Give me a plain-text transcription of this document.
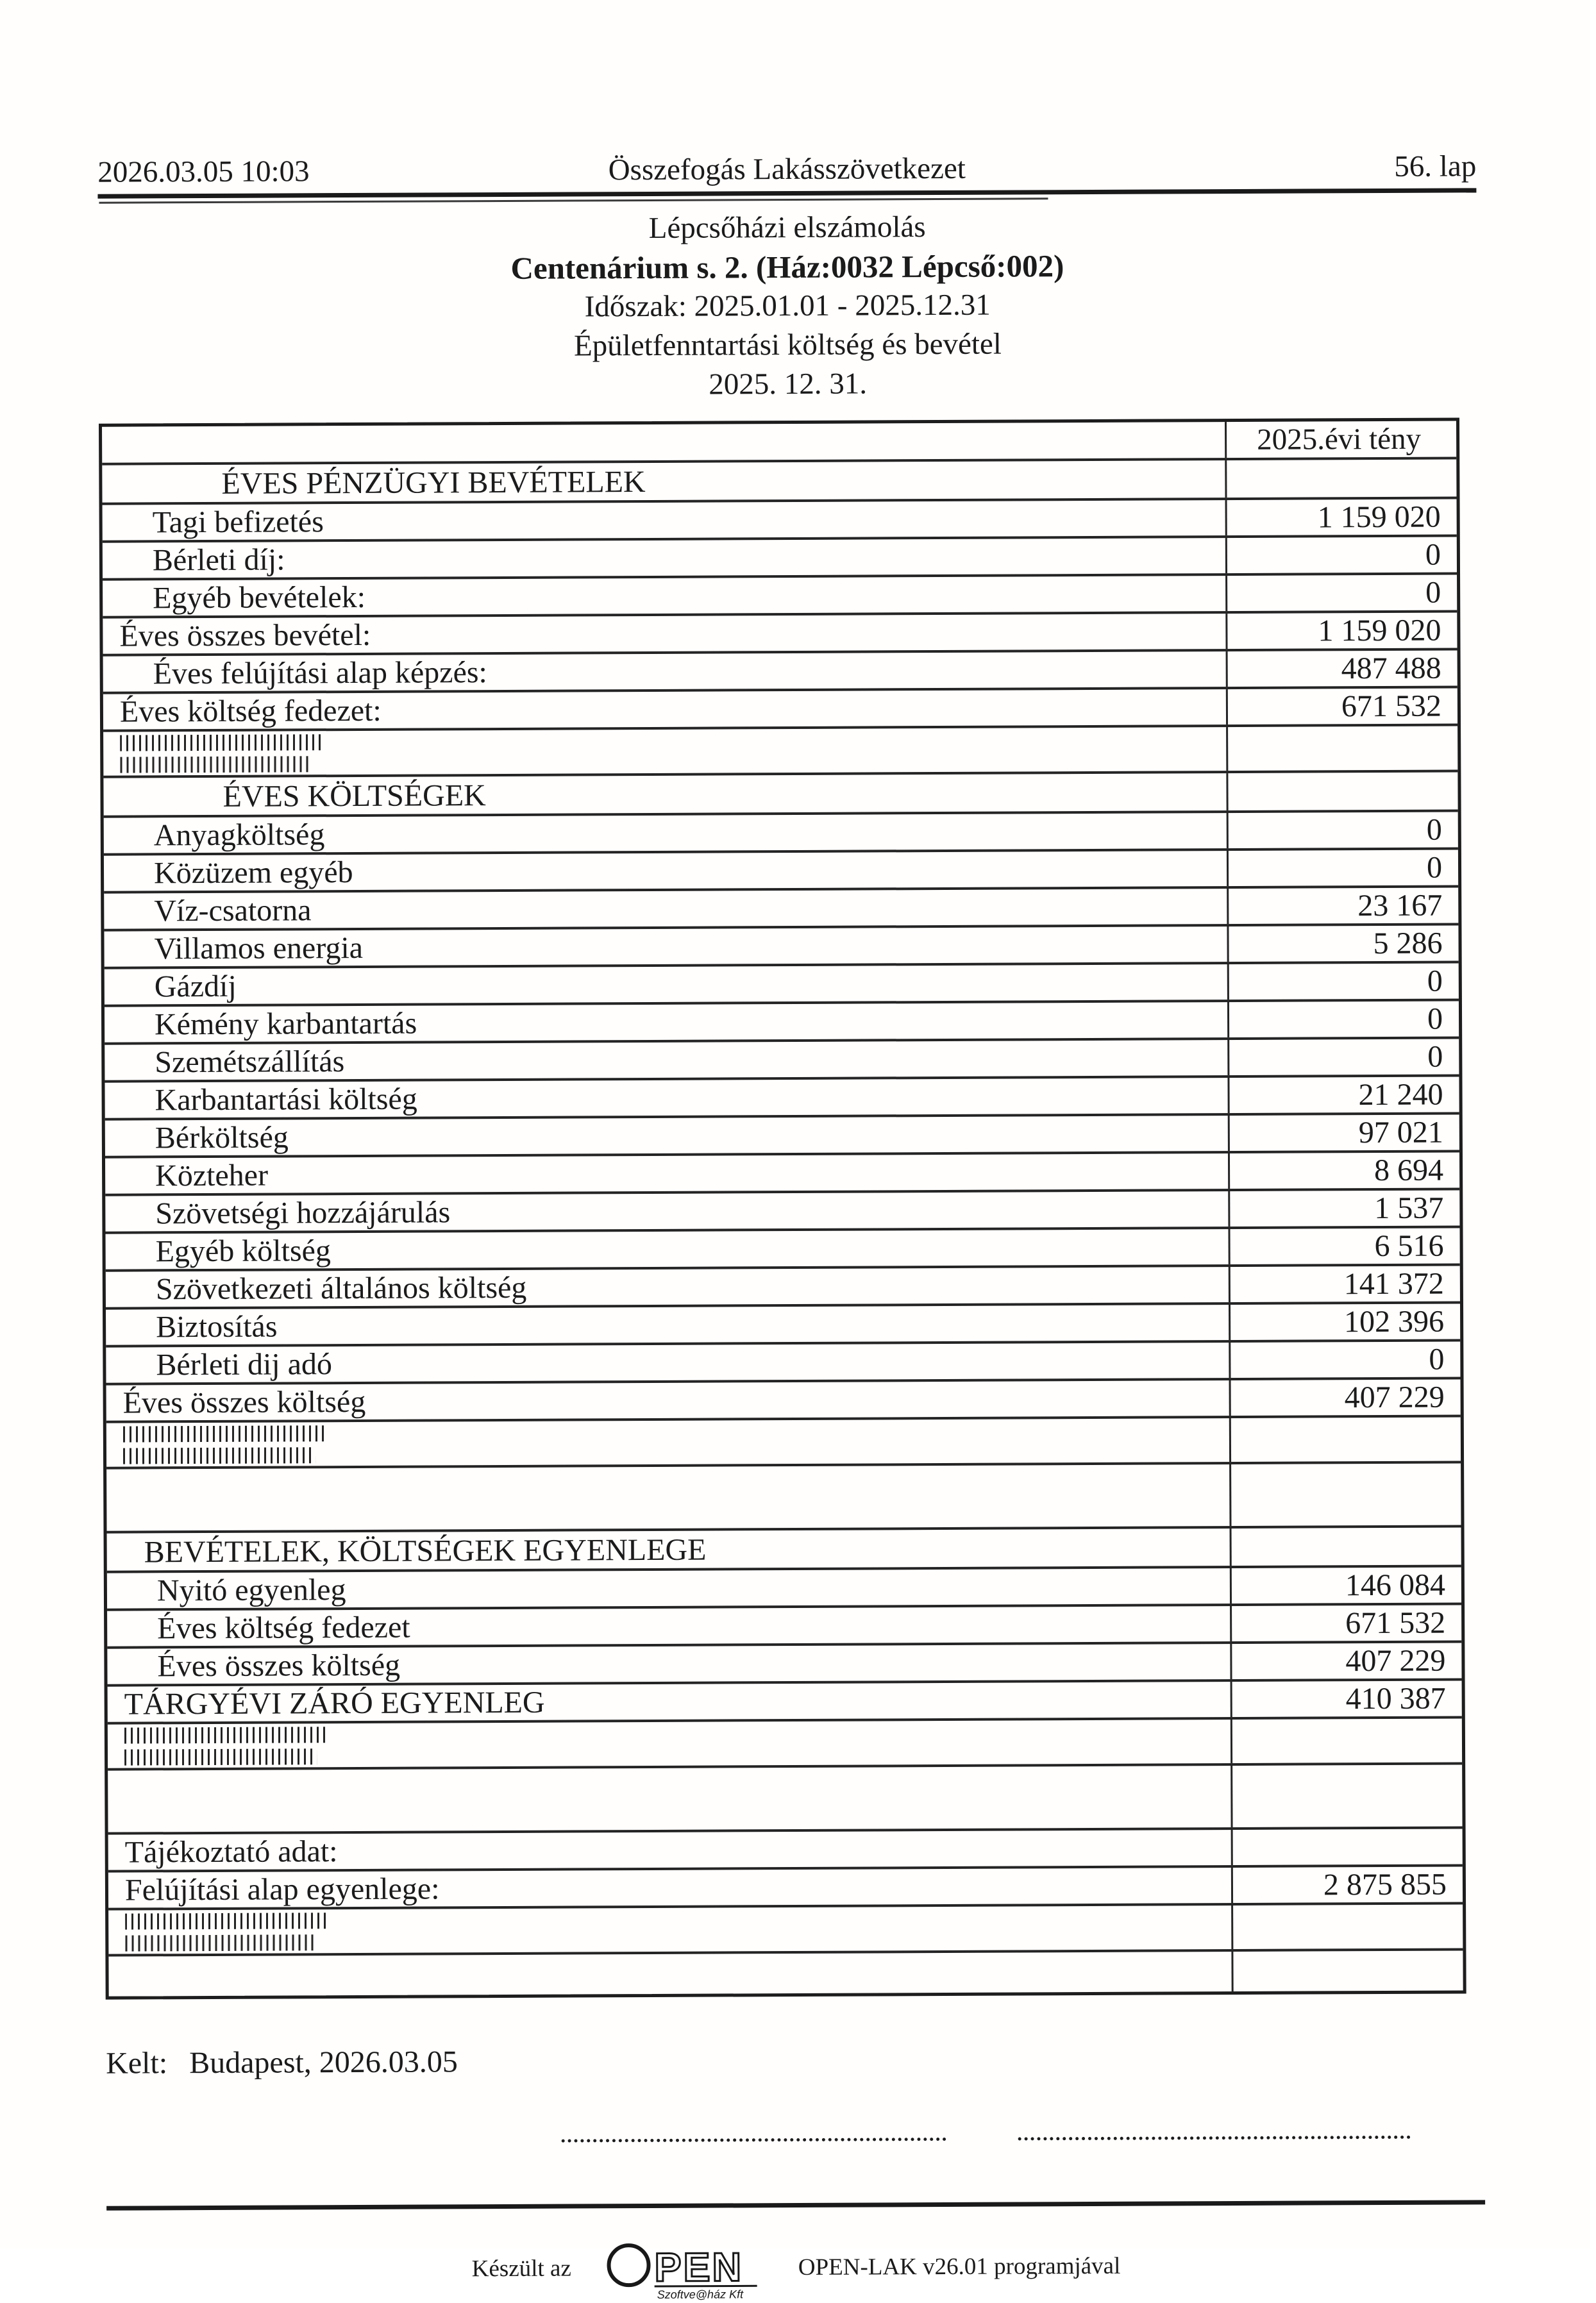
2026.03.05 10:03	Összefogás Lakásszövetkezet	56. lap
Lépcsőházi elszámolás
Centenárium s. 2. (Ház:0032 Lépcső:002)
Időszak: 2025.01.01 - 2025.12.31
Épületfenntartási költség és bevétel
2025. 12. 31.
2025.évi tény
ÉVES PÉNZÜGYI BEVÉTELEK
Tagi befizetés	1 159 020
Bérleti díj:	0
Egyéb bevételek:	0
Éves összes bevétel:	1 159 020
Éves felújítási alap képzés:	487 488
Éves költség fedezet:	671 532
ÉVES KÖLTSÉGEK
Anyagköltség	0
Közüzem egyéb	0
Víz-csatorna	23 167
Villamos energia	5 286
Gázdíj	0
Kémény karbantartás	0
Szemétszállítás	0
Karbantartási költség	21 240
Bérköltség	97 021
Közteher	8 694
Szövetségi hozzájárulás	1 537
Egyéb költség	6 516
Szövetkezeti általános költség	141 372
Biztosítás	102 396
Bérleti dij adó	0
Éves összes költség	407 229
BEVÉTELEK, KÖLTSÉGEK EGYENLEGE
Nyitó egyenleg	146 084
Éves költség fedezet	671 532
Éves összes költség	407 229
TÁRGYÉVI ZÁRÓ EGYENLEG	410 387
Tájékoztató adat:
Felújítási alap egyenlege:	2 875 855
Kelt: Budapest, 2026.03.05
Készült az PEN
Szoftve@ház Kft
OPEN-LAK v26.01 programjával
